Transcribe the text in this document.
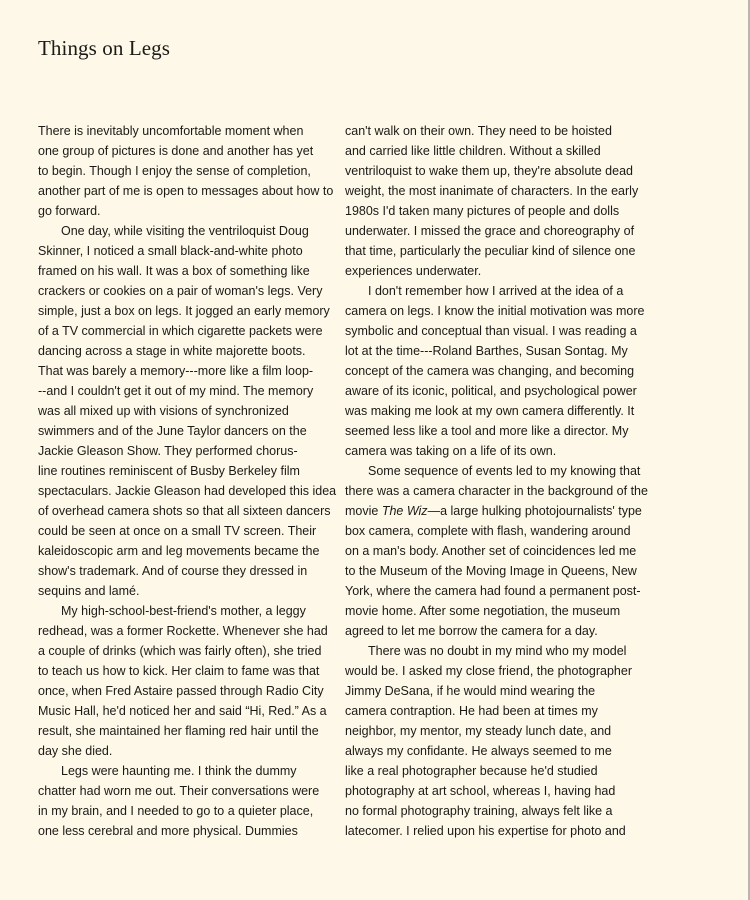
Things on Legs
There is inevitably uncomfortable moment when
one group of pictures is done and another has yet
to begin. Though I enjoy the sense of completion,
another part of me is open to messages about how to
go forward.
One day, while visiting the ventriloquist Doug
Skinner, I noticed a small black-and-white photo
framed on his wall. It was a box of something like
crackers or cookies on a pair of woman's legs. Very
simple, just a box on legs. It jogged an early memory
of a TV commercial in which cigarette packets were
dancing across a stage in white majorette boots.
That was barely a memory---more like a film loop-
--and I couldn't get it out of my mind. The memory
was all mixed up with visions of synchronized
swimmers and of the June Taylor dancers on the
Jackie Gleason Show. They performed chorus-
line routines reminiscent of Busby Berkeley film
spectaculars. Jackie Gleason had developed this idea
of overhead camera shots so that all sixteen dancers
could be seen at once on a small TV screen. Their
kaleidoscopic arm and leg movements became the
show's trademark. And of course they dressed in
sequins and lamé.
My high-school-best-friend's mother, a leggy
redhead, was a former Rockette. Whenever she had
a couple of drinks (which was fairly often), she tried
to teach us how to kick. Her claim to fame was that
once, when Fred Astaire passed through Radio City
Music Hall, he'd noticed her and said “Hi, Red.” As a
result, she maintained her flaming red hair until the
day she died.
Legs were haunting me. I think the dummy
chatter had worn me out. Their conversations were
in my brain, and I needed to go to a quieter place,
one less cerebral and more physical. Dummies
can't walk on their own. They need to be hoisted
and carried like little children. Without a skilled
ventriloquist to wake them up, they're absolute dead
weight, the most inanimate of characters. In the early
1980s I'd taken many pictures of people and dolls
underwater. I missed the grace and choreography of
that time, particularly the peculiar kind of silence one
experiences underwater.
I don't remember how I arrived at the idea of a
camera on legs. I know the initial motivation was more
symbolic and conceptual than visual. I was reading a
lot at the time---Roland Barthes, Susan Sontag. My
concept of the camera was changing, and becoming
aware of its iconic, political, and psychological power
was making me look at my own camera differently. It
seemed less like a tool and more like a director. My
camera was taking on a life of its own.
Some sequence of events led to my knowing that
there was a camera character in the background of the
movie The Wiz—a large hulking photojournalists' type
box camera, complete with flash, wandering around
on a man's body. Another set of coincidences led me
to the Museum of the Moving Image in Queens, New
York, where the camera had found a permanent post-
movie home. After some negotiation, the museum
agreed to let me borrow the camera for a day.
There was no doubt in my mind who my model
would be. I asked my close friend, the photographer
Jimmy DeSana, if he would mind wearing the
camera contraption. He had been at times my
neighbor, my mentor, my steady lunch date, and
always my confidante. He always seemed to me
like a real photographer because he'd studied
photography at art school, whereas I, having had
no formal photography training, always felt like a
latecomer. I relied upon his expertise for photo and
